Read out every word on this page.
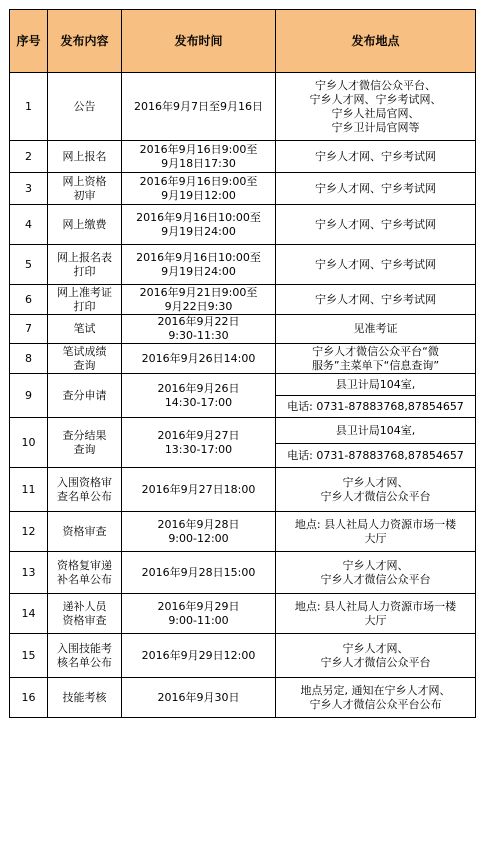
序号	发布内容	发布时间	发布地点
1	公告	2016年9月7日至9月16日	宁乡人才微信公众平台、
宁乡人才网、宁乡考试网、
宁乡人社局官网、
宁乡卫计局官网等
2	网上报名	2016年9月16日9:00至
9月18日17:30	宁乡人才网、宁乡考试网
3	网上资格
初审	2016年9月16日9:00至
9月19日12:00	宁乡人才网、宁乡考试网
4	网上缴费	2016年9月16日10:00至
9月19日24:00	宁乡人才网、宁乡考试网
5	网上报名表
打印	2016年9月16日10:00至
9月19日24:00	宁乡人才网、宁乡考试网
6	网上准考证
打印	2016年9月21日9:00至
9月22日9:30	宁乡人才网、宁乡考试网
7	笔试	2016年9月22日
9:30-11:30	见准考证
8	笔试成绩
查询	2016年9月26日14:00	宁乡人才微信公众平台“微
服务”主菜单下“信息查询”
9	查分申请	2016年9月26日
14:30-17:00	县卫计局104室,
			电话: 0731-87883768,87854657
10	查分结果
查询	2016年9月27日
13:30-17:00	县卫计局104室,
			电话: 0731-87883768,87854657
11	入围资格审
查名单公布	2016年9月27日18:00	宁乡人才网、
宁乡人才微信公众平台
12	资格审查	2016年9月28日
9:00-12:00	地点: 县人社局人力资源市场一楼
大厅
13	资格复审递
补名单公布	2016年9月28日15:00	宁乡人才网、
宁乡人才微信公众平台
14	递补人员
资格审查	2016年9月29日
9:00-11:00	地点: 县人社局人力资源市场一楼
大厅
15	入围技能考
核名单公布	2016年9月29日12:00	宁乡人才网、
宁乡人才微信公众平台
16	技能考核	2016年9月30日	地点另定, 通知在宁乡人才网、
宁乡人才微信公众平台公布
